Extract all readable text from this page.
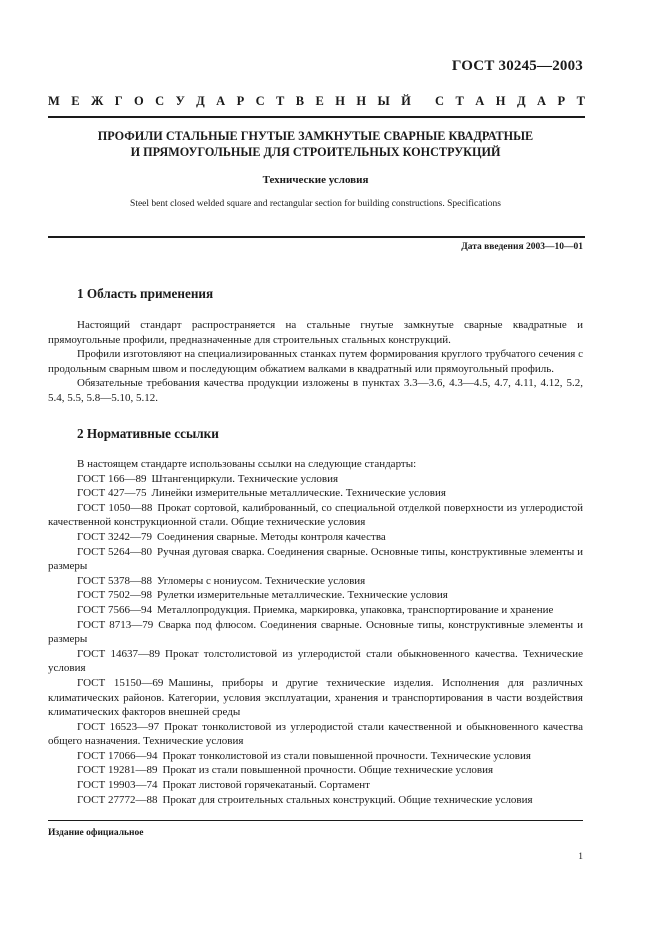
ГОСТ 30245—2003
М Е Ж Г О С У Д А Р С Т В Е Н Н Ы Й С Т А Н Д А Р Т
ПРОФИЛИ СТАЛЬНЫЕ ГНУТЫЕ ЗАМКНУТЫЕ СВАРНЫЕ КВАДРАТНЫЕ
И ПРЯМОУГОЛЬНЫЕ ДЛЯ СТРОИТЕЛЬНЫХ КОНСТРУКЦИЙ
Технические условия
Steel bent closed welded square and rectangular section for building constructions. Specifications
Дата введения 2003—10—01
1 Область применения
Настоящий стандарт распространяется на стальные гнутые замкнутые сварные квадратные и прямоугольные профили, предназначенные для строительных стальных конструкций.
Профили изготовляют на специализированных станках путем формирования круглого трубчатого сечения с продольным сварным швом и последующим обжатием валками в квадратный или прямоугольный профиль.
Обязательные требования качества продукции изложены в пунктах 3.3—3.6, 4.3—4.5, 4.7, 4.11, 4.12, 5.2, 5.4, 5.5, 5.8—5.10, 5.12.
2 Нормативные ссылки
В настоящем стандарте использованы ссылки на следующие стандарты:
ГОСТ 166—89 Штангенциркули. Технические условия
ГОСТ 427—75 Линейки измерительные металлические. Технические условия
ГОСТ 1050—88 Прокат сортовой, калиброванный, со специальной отделкой поверхности из углеродистой качественной конструкционной стали. Общие технические условия
ГОСТ 3242—79 Соединения сварные. Методы контроля качества
ГОСТ 5264—80 Ручная дуговая сварка. Соединения сварные. Основные типы, конструктивные элементы и размеры
ГОСТ 5378—88 Угломеры с нониусом. Технические условия
ГОСТ 7502—98 Рулетки измерительные металлические. Технические условия
ГОСТ 7566—94 Металлопродукция. Приемка, маркировка, упаковка, транспортирование и хранение
ГОСТ 8713—79 Сварка под флюсом. Соединения сварные. Основные типы, конструктивные элементы и размеры
ГОСТ 14637—89 Прокат толстолистовой из углеродистой стали обыкновенного качества. Технические условия
ГОСТ 15150—69 Машины, приборы и другие технические изделия. Исполнения для различных климатических районов. Категории, условия эксплуатации, хранения и транспортирования в части воздействия климатических факторов внешней среды
ГОСТ 16523—97 Прокат тонколистовой из углеродистой стали качественной и обыкновенного качества общего назначения. Технические условия
ГОСТ 17066—94 Прокат тонколистовой из стали повышенной прочности. Технические условия
ГОСТ 19281—89 Прокат из стали повышенной прочности. Общие технические условия
ГОСТ 19903—74 Прокат листовой горячекатаный. Сортамент
ГОСТ 27772—88 Прокат для строительных стальных конструкций. Общие технические условия
Издание официальное
1
